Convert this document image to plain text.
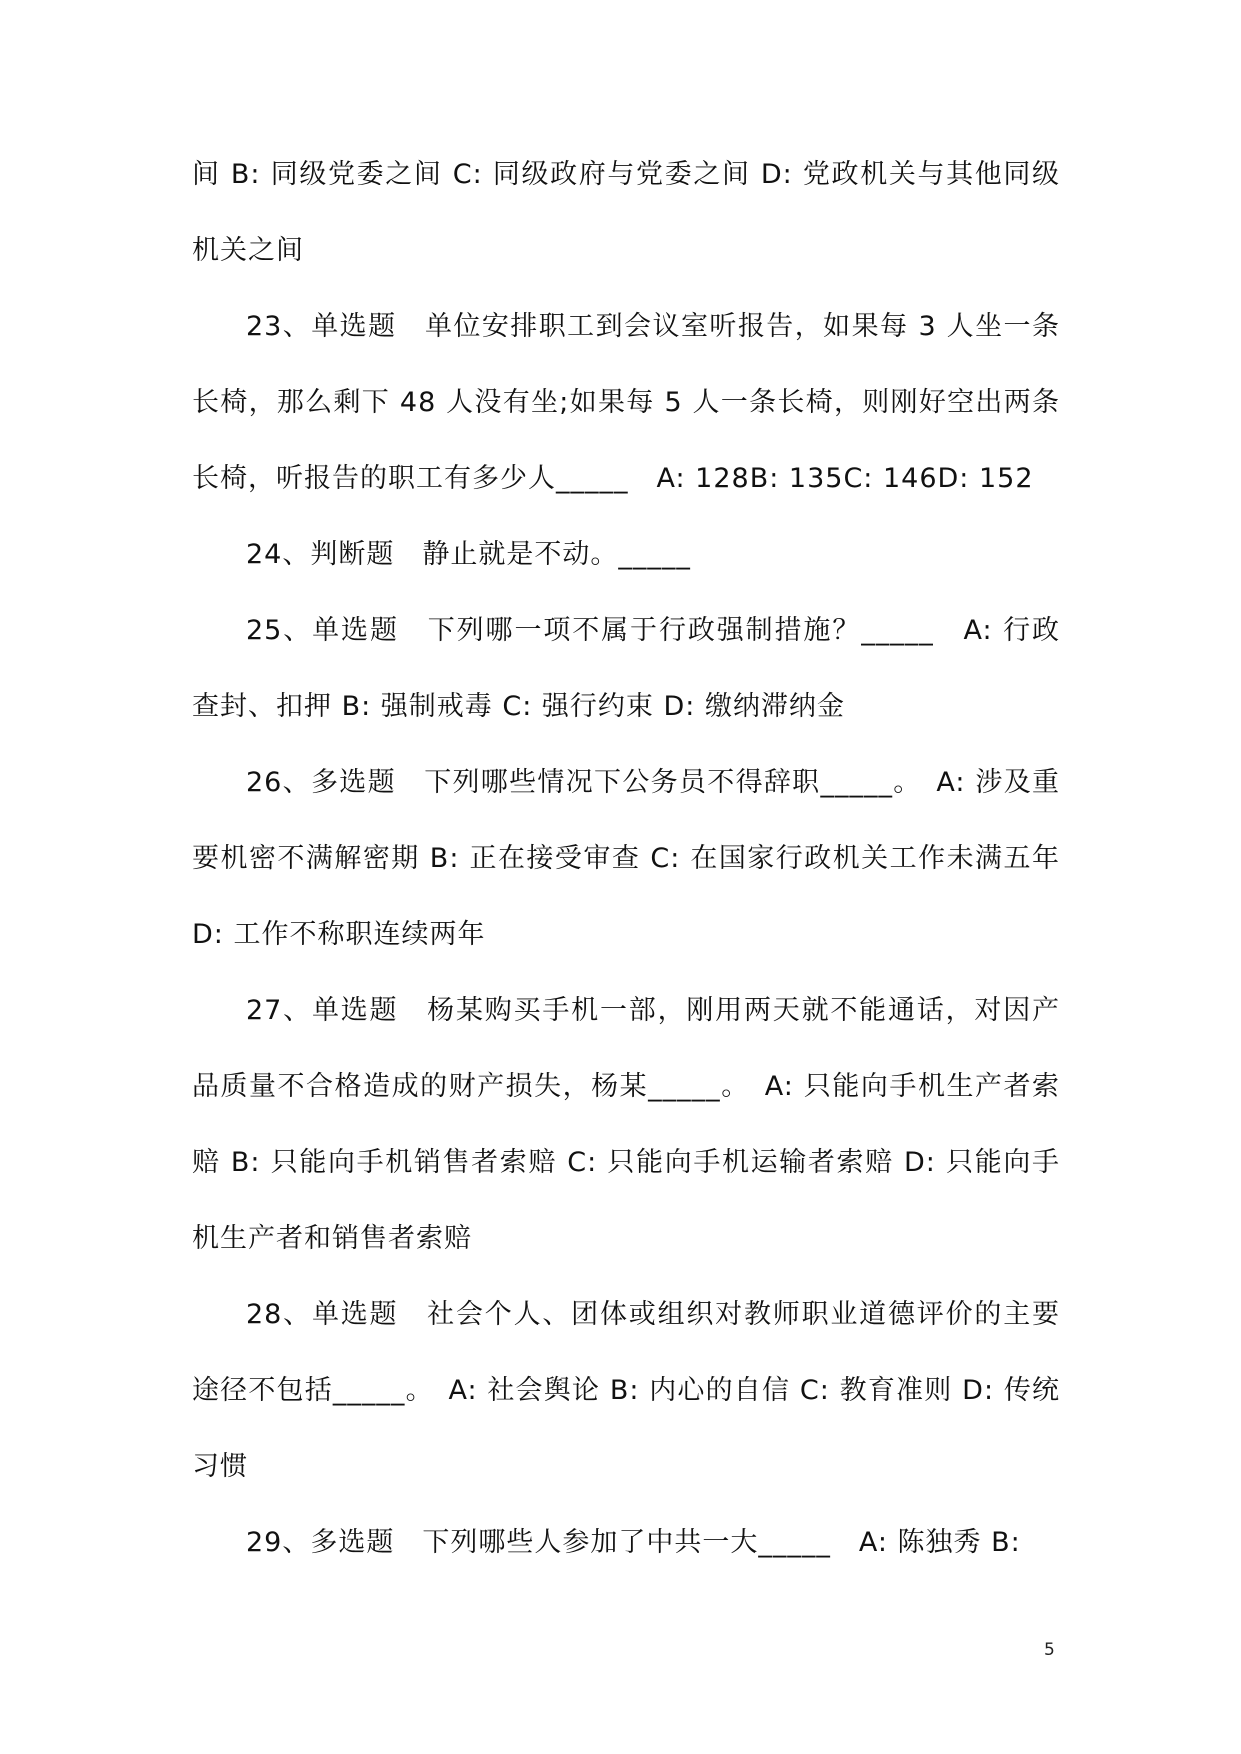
间 B: 同级党委之间 C: 同级政府与党委之间 D: 党政机关与其他同级机关之间

23、单选题　单位安排职工到会议室听报告，如果每 3 人坐一条长椅，那么剩下 48 人没有坐;如果每 5 人一条长椅，则刚好空出两条长椅，听报告的职工有多少人_____　A: 128B: 135C: 146D: 152

24、判断题　静止就是不动。_____

25、单选题　下列哪一项不属于行政强制措施？_____　A: 行政查封、扣押 B: 强制戒毒 C: 强行约束 D: 缴纳滞纳金

26、多选题　下列哪些情况下公务员不得辞职_____。　A: 涉及重要机密不满解密期 B: 正在接受审查 C: 在国家行政机关工作未满五年 D: 工作不称职连续两年

27、单选题　杨某购买手机一部，刚用两天就不能通话，对因产品质量不合格造成的财产损失，杨某_____。　A: 只能向手机生产者索赔 B: 只能向手机销售者索赔 C: 只能向手机运输者索赔 D: 只能向手机生产者和销售者索赔

28、单选题　社会个人、团体或组织对教师职业道德评价的主要途径不包括_____。　A: 社会舆论 B: 内心的自信 C: 教育准则 D: 传统习惯

29、多选题　下列哪些人参加了中共一大_____　A: 陈独秀 B:

5
